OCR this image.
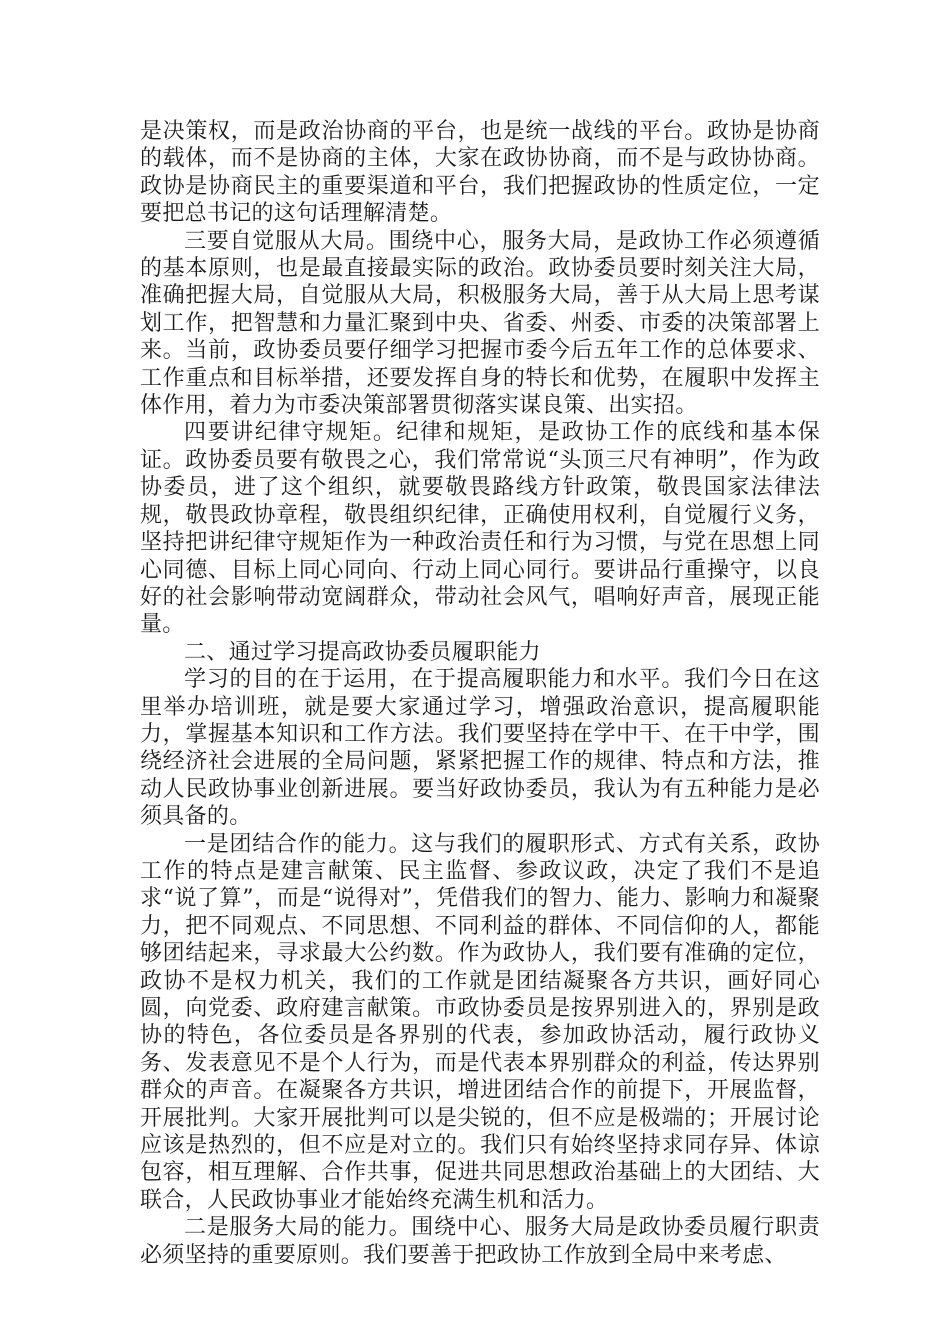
是决策权，而是政治协商的平台，也是统一战线的平台。政协是协商的载体，而不是协商的主体，大家在政协协商，而不是与政协协商。政协是协商民主的重要渠道和平台，我们把握政协的性质定位，一定要把总书记的这句话理解清楚。

三要自觉服从大局。围绕中心，服务大局，是政协工作必须遵循的基本原则，也是最直接最实际的政治。政协委员要时刻关注大局，准确把握大局，自觉服从大局，积极服务大局，善于从大局上思考谋划工作，把智慧和力量汇聚到中央、省委、州委、市委的决策部署上来。当前，政协委员要仔细学习把握市委今后五年工作的总体要求、工作重点和目标举措，还要发挥自身的特长和优势，在履职中发挥主体作用，着力为市委决策部署贯彻落实谋良策、出实招。

四要讲纪律守规矩。纪律和规矩，是政协工作的底线和基本保证。政协委员要有敬畏之心，我们常常说“头顶三尺有神明”，作为政协委员，进了这个组织，就要敬畏路线方针政策，敬畏国家法律法规，敬畏政协章程，敬畏组织纪律，正确使用权利，自觉履行义务，坚持把讲纪律守规矩作为一种政治责任和行为习惯，与党在思想上同心同德、目标上同心同向、行动上同心同行。要讲品行重操守，以良好的社会影响带动宽阔群众，带动社会风气，唱响好声音，展现正能量。

二、通过学习提高政协委员履职能力

学习的目的在于运用，在于提高履职能力和水平。我们今日在这里举办培训班，就是要大家通过学习，增强政治意识，提高履职能力，掌握基本知识和工作方法。我们要坚持在学中干、在干中学，围绕经济社会进展的全局问题，紧紧把握工作的规律、特点和方法，推动人民政协事业创新进展。要当好政协委员，我认为有五种能力是必须具备的。

一是团结合作的能力。这与我们的履职形式、方式有关系，政协工作的特点是建言献策、民主监督、参政议政，决定了我们不是追求“说了算”，而是“说得对”，凭借我们的智力、能力、影响力和凝聚力，把不同观点、不同思想、不同利益的群体、不同信仰的人，都能够团结起来，寻求最大公约数。作为政协人，我们要有准确的定位，政协不是权力机关，我们的工作就是团结凝聚各方共识，画好同心圆，向党委、政府建言献策。市政协委员是按界别进入的，界别是政协的特色，各位委员是各界别的代表，参加政协活动，履行政协义务、发表意见不是个人行为，而是代表本界别群众的利益，传达界别群众的声音。在凝聚各方共识，增进团结合作的前提下，开展监督，开展批判。大家开展批判可以是尖锐的，但不应是极端的；开展讨论应该是热烈的，但不应是对立的。我们只有始终坚持求同存异、体谅包容，相互理解、合作共事，促进共同思想政治基础上的大团结、大联合，人民政协事业才能始终充满生机和活力。

二是服务大局的能力。围绕中心、服务大局是政协委员履行职责必须坚持的重要原则。我们要善于把政协工作放到全局中来考虑、
